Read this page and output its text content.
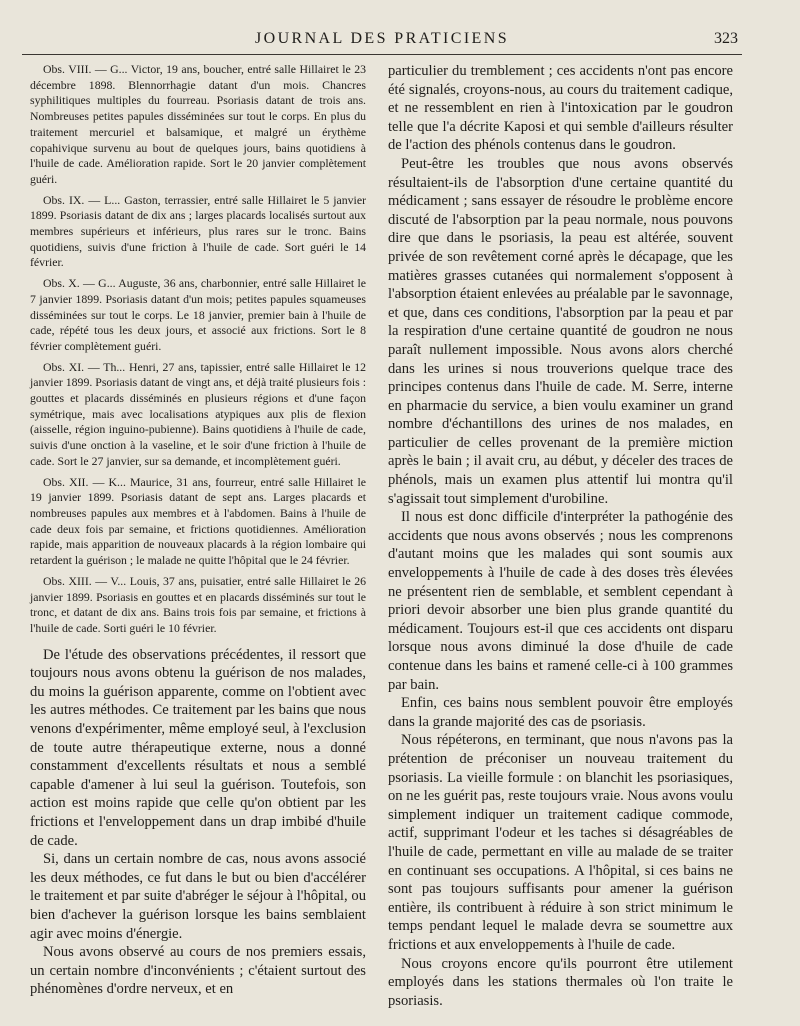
JOURNAL DES PRATICIENS	323

Obs. VIII. — G... Victor, 19 ans, boucher, entré salle Hillairet le 23 décembre 1898. Blennorrhagie datant d'un mois. Chancres syphilitiques multiples du fourreau. Psoriasis datant de trois ans. Nombreuses petites papules disséminées sur tout le corps. En plus du traitement mercuriel et balsamique, et malgré un érythème copahivique survenu au bout de quelques jours, bains quotidiens à l'huile de cade. Amélioration rapide. Sort le 20 janvier complètement guéri.

Obs. IX. — L... Gaston, terrassier, entré salle Hillairet le 5 janvier 1899. Psoriasis datant de dix ans ; larges placards localisés surtout aux membres supérieurs et inférieurs, plus rares sur le tronc. Bains quotidiens, suivis d'une friction à l'huile de cade. Sort guéri le 14 février.

Obs. X. — G... Auguste, 36 ans, charbonnier, entré salle Hillairet le 7 janvier 1899. Psoriasis datant d'un mois; petites papules squameuses disséminées sur tout le corps. Le 18 janvier, premier bain à l'huile de cade, répété tous les deux jours, et associé aux frictions. Sort le 8 février complètement guéri.

Obs. XI. — Th... Henri, 27 ans, tapissier, entré salle Hillairet le 12 janvier 1899. Psoriasis datant de vingt ans, et déjà traité plusieurs fois : gouttes et placards disséminés en plusieurs régions et d'une façon symétrique, mais avec localisations atypiques aux plis de flexion (aisselle, région inguino-pubienne). Bains quotidiens à l'huile de cade, suivis d'une onction à la vaseline, et le soir d'une friction à l'huile de cade. Sort le 27 janvier, sur sa demande, et incomplètement guéri.

Obs. XII. — K... Maurice, 31 ans, fourreur, entré salle Hillairet le 19 janvier 1899. Psoriasis datant de sept ans. Larges placards et nombreuses papules aux membres et à l'abdomen. Bains à l'huile de cade deux fois par semaine, et frictions quotidiennes. Amélioration rapide, mais apparition de nouveaux placards à la région lombaire qui retardent la guérison ; le malade ne quitte l'hôpital que le 24 février.

Obs. XIII. — V... Louis, 37 ans, puisatier, entré salle Hillairet le 26 janvier 1899. Psoriasis en gouttes et en placards disséminés sur tout le tronc, et datant de dix ans. Bains trois fois par semaine, et frictions à l'huile de cade. Sorti guéri le 10 février.

De l'étude des observations précédentes, il ressort que toujours nous avons obtenu la guérison de nos malades, du moins la guérison apparente, comme on l'obtient avec les autres méthodes. Ce traitement par les bains que nous venons d'expérimenter, même employé seul, à l'exclusion de toute autre thérapeutique externe, nous a donné constamment d'excellents résultats et nous a semblé capable d'amener à lui seul la guérison. Toutefois, son action est moins rapide que celle qu'on obtient par les frictions et l'enveloppement dans un drap imbibé d'huile de cade.

Si, dans un certain nombre de cas, nous avons associé les deux méthodes, ce fut dans le but ou bien d'accélérer le traitement et par suite d'abréger le séjour à l'hôpital, ou bien d'achever la guérison lorsque les bains semblaient agir avec moins d'énergie.

Nous avons observé au cours de nos premiers essais, un certain nombre d'inconvénients ; c'étaient surtout des phénomènes d'ordre nerveux, et en

particulier du tremblement ; ces accidents n'ont pas encore été signalés, croyons-nous, au cours du traitement cadique, et ne ressemblent en rien à l'intoxication par le goudron telle que l'a décrite Kaposi et qui semble d'ailleurs résulter de l'action des phénols contenus dans le goudron.

Peut-être les troubles que nous avons observés résultaient-ils de l'absorption d'une certaine quantité du médicament ; sans essayer de résoudre le problème encore discuté de l'absorption par la peau normale, nous pouvons dire que dans le psoriasis, la peau est altérée, souvent privée de son revêtement corné après le décapage, que les matières grasses cutanées qui normalement s'opposent à l'absorption étaient enlevées au préalable par le savonnage, et que, dans ces conditions, l'absorption par la peau et par la respiration d'une certaine quantité de goudron ne nous paraît nullement impossible. Nous avons alors cherché dans les urines si nous trouverions quelque trace des principes contenus dans l'huile de cade. M. Serre, interne en pharmacie du service, a bien voulu examiner un grand nombre d'échantillons des urines de nos malades, en particulier de celles provenant de la première miction après le bain ; il avait cru, au début, y déceler des traces de phénols, mais un examen plus attentif lui montra qu'il s'agissait tout simplement d'urobiline.

Il nous est donc difficile d'interpréter la pathogénie des accidents que nous avons observés ; nous les comprenons d'autant moins que les malades qui sont soumis aux enveloppements à l'huile de cade à des doses très élevées ne présentent rien de semblable, et semblent cependant à priori devoir absorber une bien plus grande quantité du médicament. Toujours est-il que ces accidents ont disparu lorsque nous avons diminué la dose d'huile de cade contenue dans les bains et ramené celle-ci à 100 grammes par bain.

Enfin, ces bains nous semblent pouvoir être employés dans la grande majorité des cas de psoriasis.

Nous répéterons, en terminant, que nous n'avons pas la prétention de préconiser un nouveau traitement du psoriasis. La vieille formule : on blanchit les psoriasiques, on ne les guérit pas, reste toujours vraie. Nous avons voulu simplement indiquer un traitement cadique commode, actif, supprimant l'odeur et les taches si désagréables de l'huile de cade, permettant en ville au malade de se traiter en continuant ses occupations. A l'hôpital, si ces bains ne sont pas toujours suffisants pour amener la guérison entière, ils contribuent à réduire à son strict minimum le temps pendant lequel le malade devra se soumettre aux frictions et aux enveloppements à l'huile de cade.

Nous croyons encore qu'ils pourront être utilement employés dans les stations thermales où l'on traite le psoriasis.
